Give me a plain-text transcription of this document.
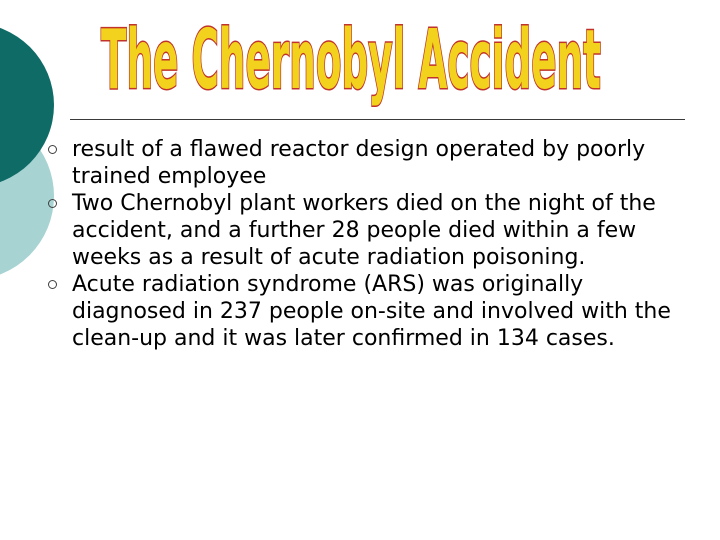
The Chernobyl Accident
result of a flawed reactor design operated by poorly trained employee
Two Chernobyl plant workers died on the night of the accident, and a further 28 people died within a few weeks as a result of acute radiation poisoning.
Acute radiation syndrome (ARS) was originally diagnosed in 237 people on-site and involved with the clean-up and it was later confirmed in 134 cases.
